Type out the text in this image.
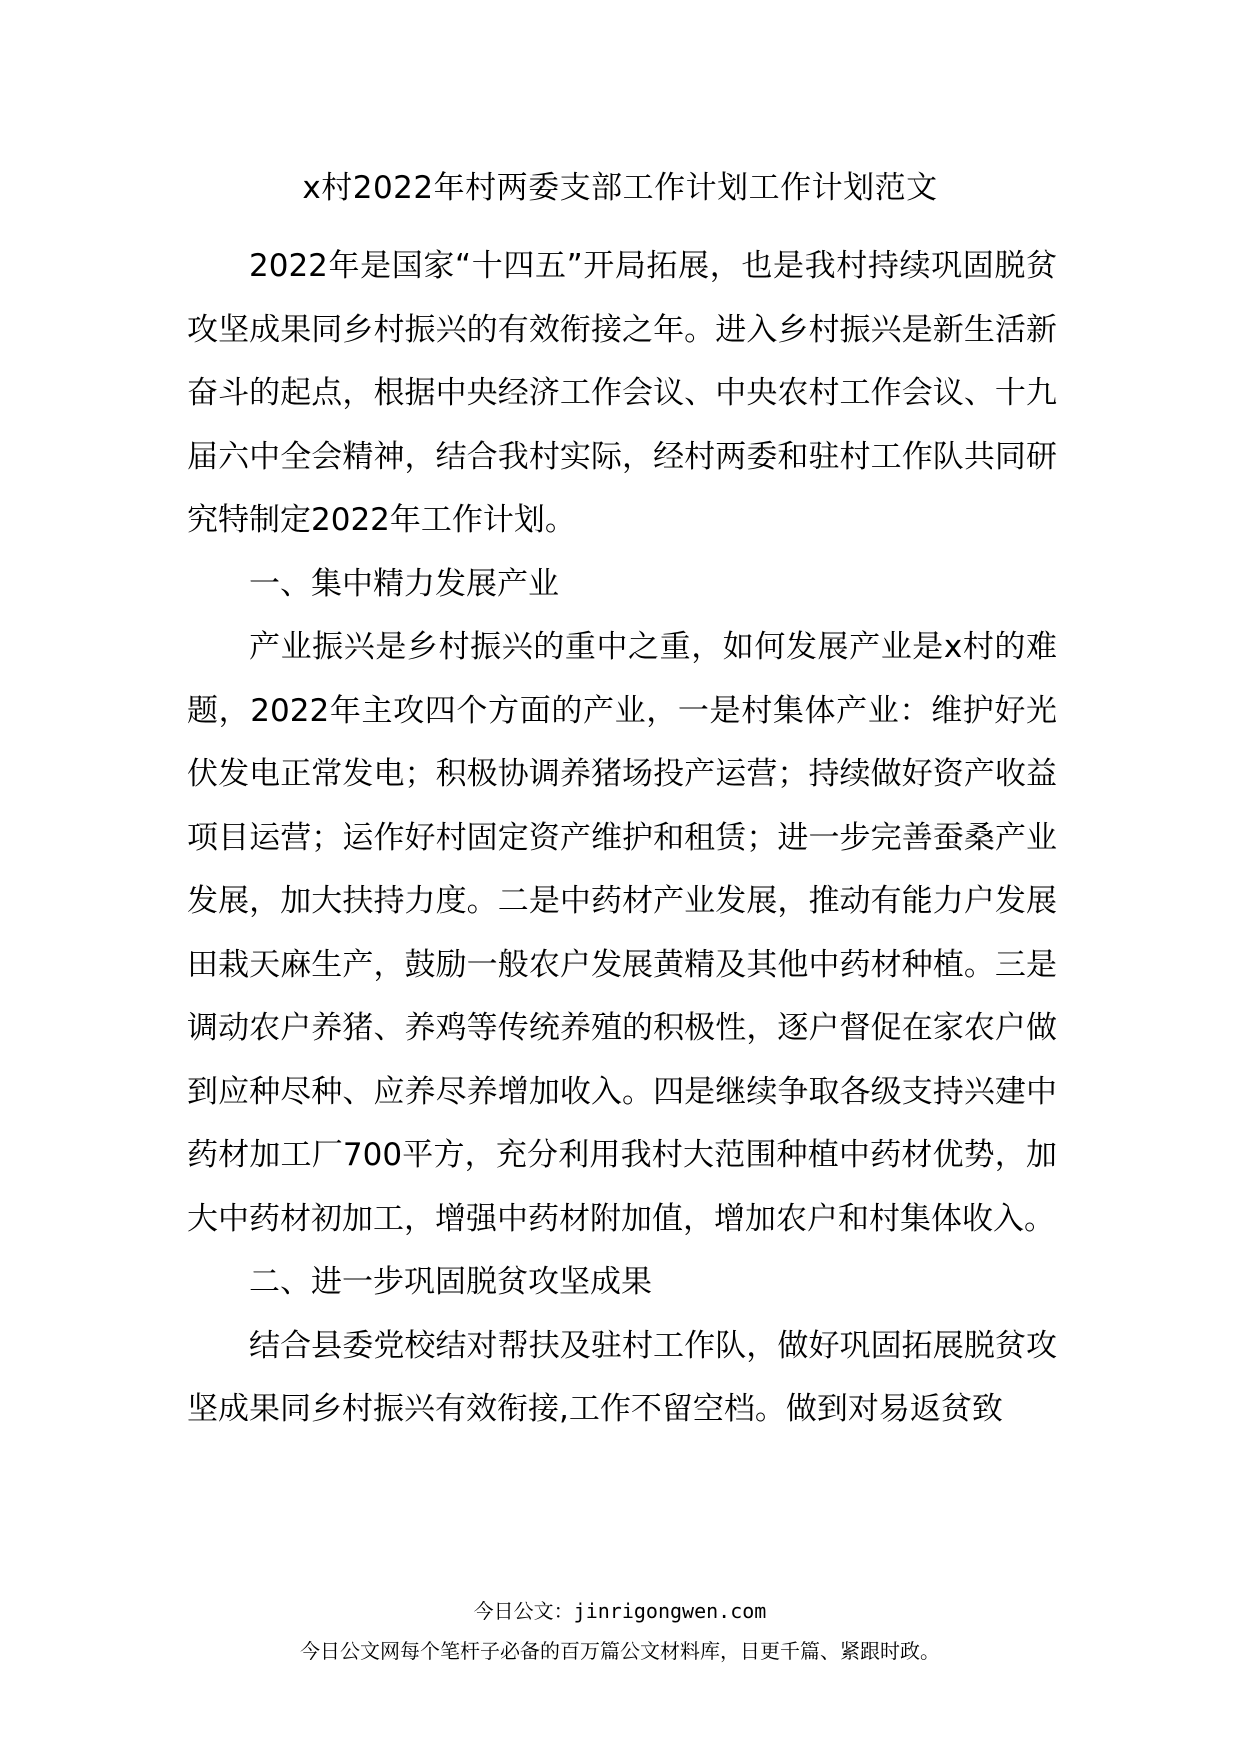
x村2022年村两委支部工作计划工作计划范文

2022年是国家“十四五”开局拓展，也是我村持续巩固脱贫攻坚成果同乡村振兴的有效衔接之年。进入乡村振兴是新生活新奋斗的起点，根据中央经济工作会议、中央农村工作会议、十九届六中全会精神，结合我村实际，经村两委和驻村工作队共同研究特制定2022年工作计划。

一、集中精力发展产业

产业振兴是乡村振兴的重中之重，如何发展产业是x村的难题，2022年主攻四个方面的产业，一是村集体产业：维护好光伏发电正常发电；积极协调养猪场投产运营；持续做好资产收益项目运营；运作好村固定资产维护和租赁；进一步完善蚕桑产业发展，加大扶持力度。二是中药材产业发展，推动有能力户发展田栽天麻生产，鼓励一般农户发展黄精及其他中药材种植。三是调动农户养猪、养鸡等传统养殖的积极性，逐户督促在家农户做到应种尽种、应养尽养增加收入。四是继续争取各级支持兴建中药材加工厂700平方，充分利用我村大范围种植中药材优势，加大中药材初加工，增强中药材附加值，增加农户和村集体收入。

二、进一步巩固脱贫攻坚成果

结合县委党校结对帮扶及驻村工作队，做好巩固拓展脱贫攻坚成果同乡村振兴有效衔接,工作不留空档。做到对易返贫致

今日公文：jinrigongwen.com
今日公文网每个笔杆子必备的百万篇公文材料库，日更千篇、紧跟时政。
